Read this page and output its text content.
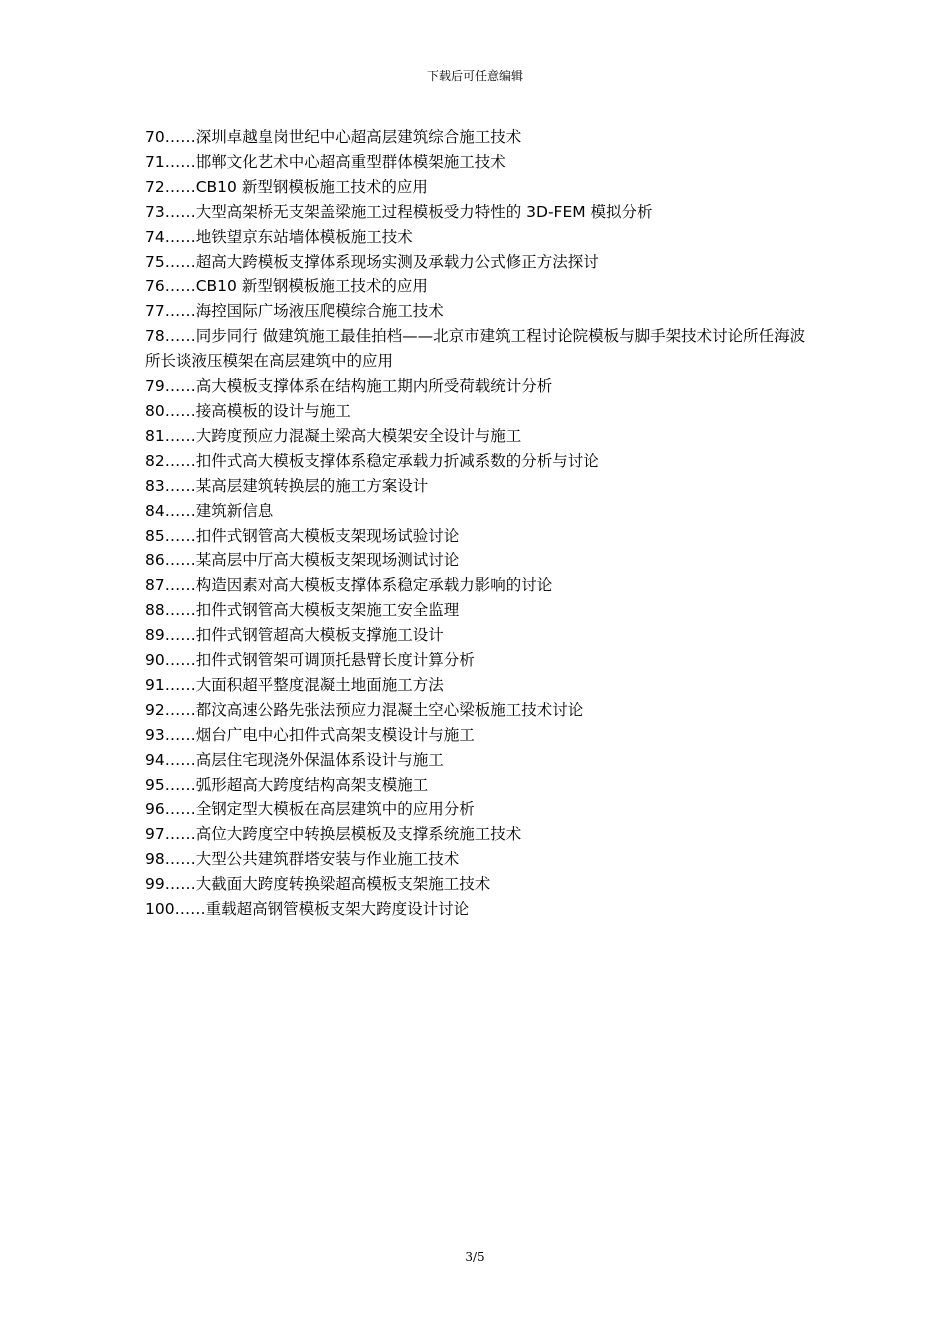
下载后可任意编辑
70……深圳卓越皇岗世纪中心超高层建筑综合施工技术
71……邯郸文化艺术中心超高重型群体模架施工技术
72……CB10 新型钢模板施工技术的应用
73……大型高架桥无支架盖梁施工过程模板受力特性的 3D-FEM 模拟分析
74……地铁望京东站墙体模板施工技术
75……超高大跨模板支撑体系现场实测及承载力公式修正方法探讨
76……CB10 新型钢模板施工技术的应用
77……海控国际广场液压爬模综合施工技术
78……同步同行 做建筑施工最佳拍档——北京市建筑工程讨论院模板与脚手架技术讨论所任海波所长谈液压模架在高层建筑中的应用
79……高大模板支撑体系在结构施工期内所受荷载统计分析
80……接高模板的设计与施工
81……大跨度预应力混凝土梁高大模架安全设计与施工
82……扣件式高大模板支撑体系稳定承载力折减系数的分析与讨论
83……某高层建筑转换层的施工方案设计
84……建筑新信息
85……扣件式钢管高大模板支架现场试验讨论
86……某高层中厅高大模板支架现场测试讨论
87……构造因素对高大模板支撑体系稳定承载力影响的讨论
88……扣件式钢管高大模板支架施工安全监理
89……扣件式钢管超高大模板支撑施工设计
90……扣件式钢管架可调顶托悬臂长度计算分析
91……大面积超平整度混凝土地面施工方法
92……都汶高速公路先张法预应力混凝土空心梁板施工技术讨论
93……烟台广电中心扣件式高架支模设计与施工
94……高层住宅现浇外保温体系设计与施工
95……弧形超高大跨度结构高架支模施工
96……全钢定型大模板在高层建筑中的应用分析
97……高位大跨度空中转换层模板及支撑系统施工技术
98……大型公共建筑群塔安装与作业施工技术
99……大截面大跨度转换梁超高模板支架施工技术
100……重载超高钢管模板支架大跨度设计讨论
3/5
